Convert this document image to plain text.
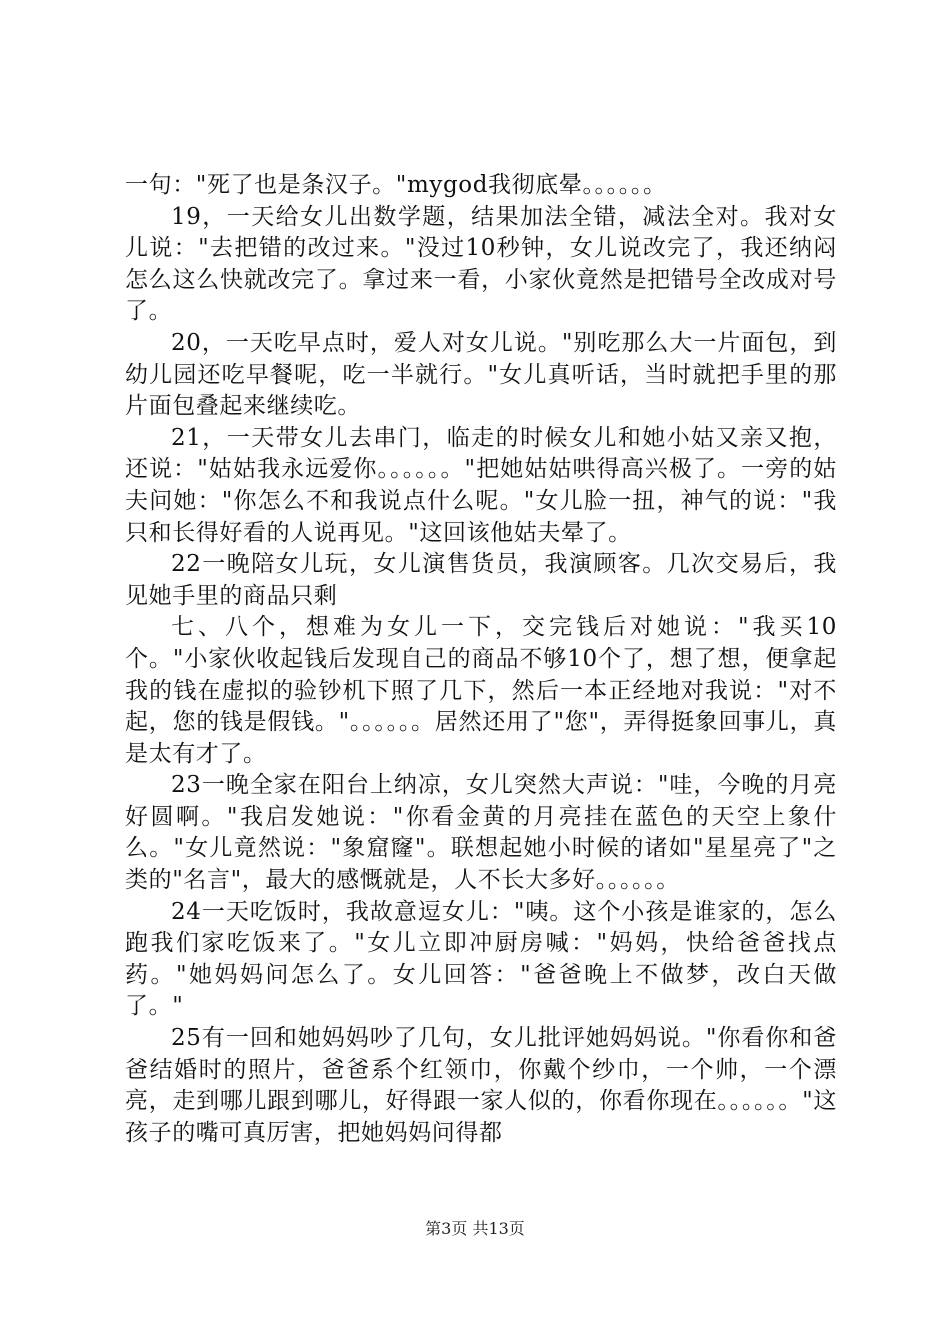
一句："死了也是条汉子。"mygod我彻底晕。。。。。。

19，一天给女儿出数学题，结果加法全错，减法全对。我对女儿说："去把错的改过来。"没过10秒钟，女儿说改完了，我还纳闷怎么这么快就改完了。拿过来一看，小家伙竟然是把错号全改成对号了。

20，一天吃早点时，爱人对女儿说。"别吃那么大一片面包，到幼儿园还吃早餐呢，吃一半就行。"女儿真听话，当时就把手里的那片面包叠起来继续吃。

21，一天带女儿去串门，临走的时候女儿和她小姑又亲又抱，还说："姑姑我永远爱你。。。。。。"把她姑姑哄得高兴极了。一旁的姑夫问她："你怎么不和我说点什么呢。"女儿脸一扭，神气的说："我只和长得好看的人说再见。"这回该他姑夫晕了。

22一晚陪女儿玩，女儿演售货员，我演顾客。几次交易后，我见她手里的商品只剩

七、八个，想难为女儿一下，交完钱后对她说："我买10个。"小家伙收起钱后发现自己的商品不够10个了，想了想，便拿起我的钱在虚拟的验钞机下照了几下，然后一本正经地对我说："对不起，您的钱是假钱。"。。。。。。居然还用了"您"，弄得挺象回事儿，真是太有才了。

23一晚全家在阳台上纳凉，女儿突然大声说："哇，今晚的月亮好圆啊。"我启发她说："你看金黄的月亮挂在蓝色的天空上象什么。"女儿竟然说："象窟窿"。联想起她小时候的诸如"星星亮了"之类的"名言"，最大的感慨就是，人不长大多好。。。。。。

24一天吃饭时，我故意逗女儿："咦。这个小孩是谁家的，怎么跑我们家吃饭来了。"女儿立即冲厨房喊："妈妈，快给爸爸找点药。"她妈妈问怎么了。女儿回答："爸爸晚上不做梦，改白天做了。"

25有一回和她妈妈吵了几句，女儿批评她妈妈说。"你看你和爸爸结婚时的照片，爸爸系个红领巾，你戴个纱巾，一个帅，一个漂亮，走到哪儿跟到哪儿，好得跟一家人似的，你看你现在。。。。。。"这孩子的嘴可真厉害，把她妈妈问得都

第3页 共13页
